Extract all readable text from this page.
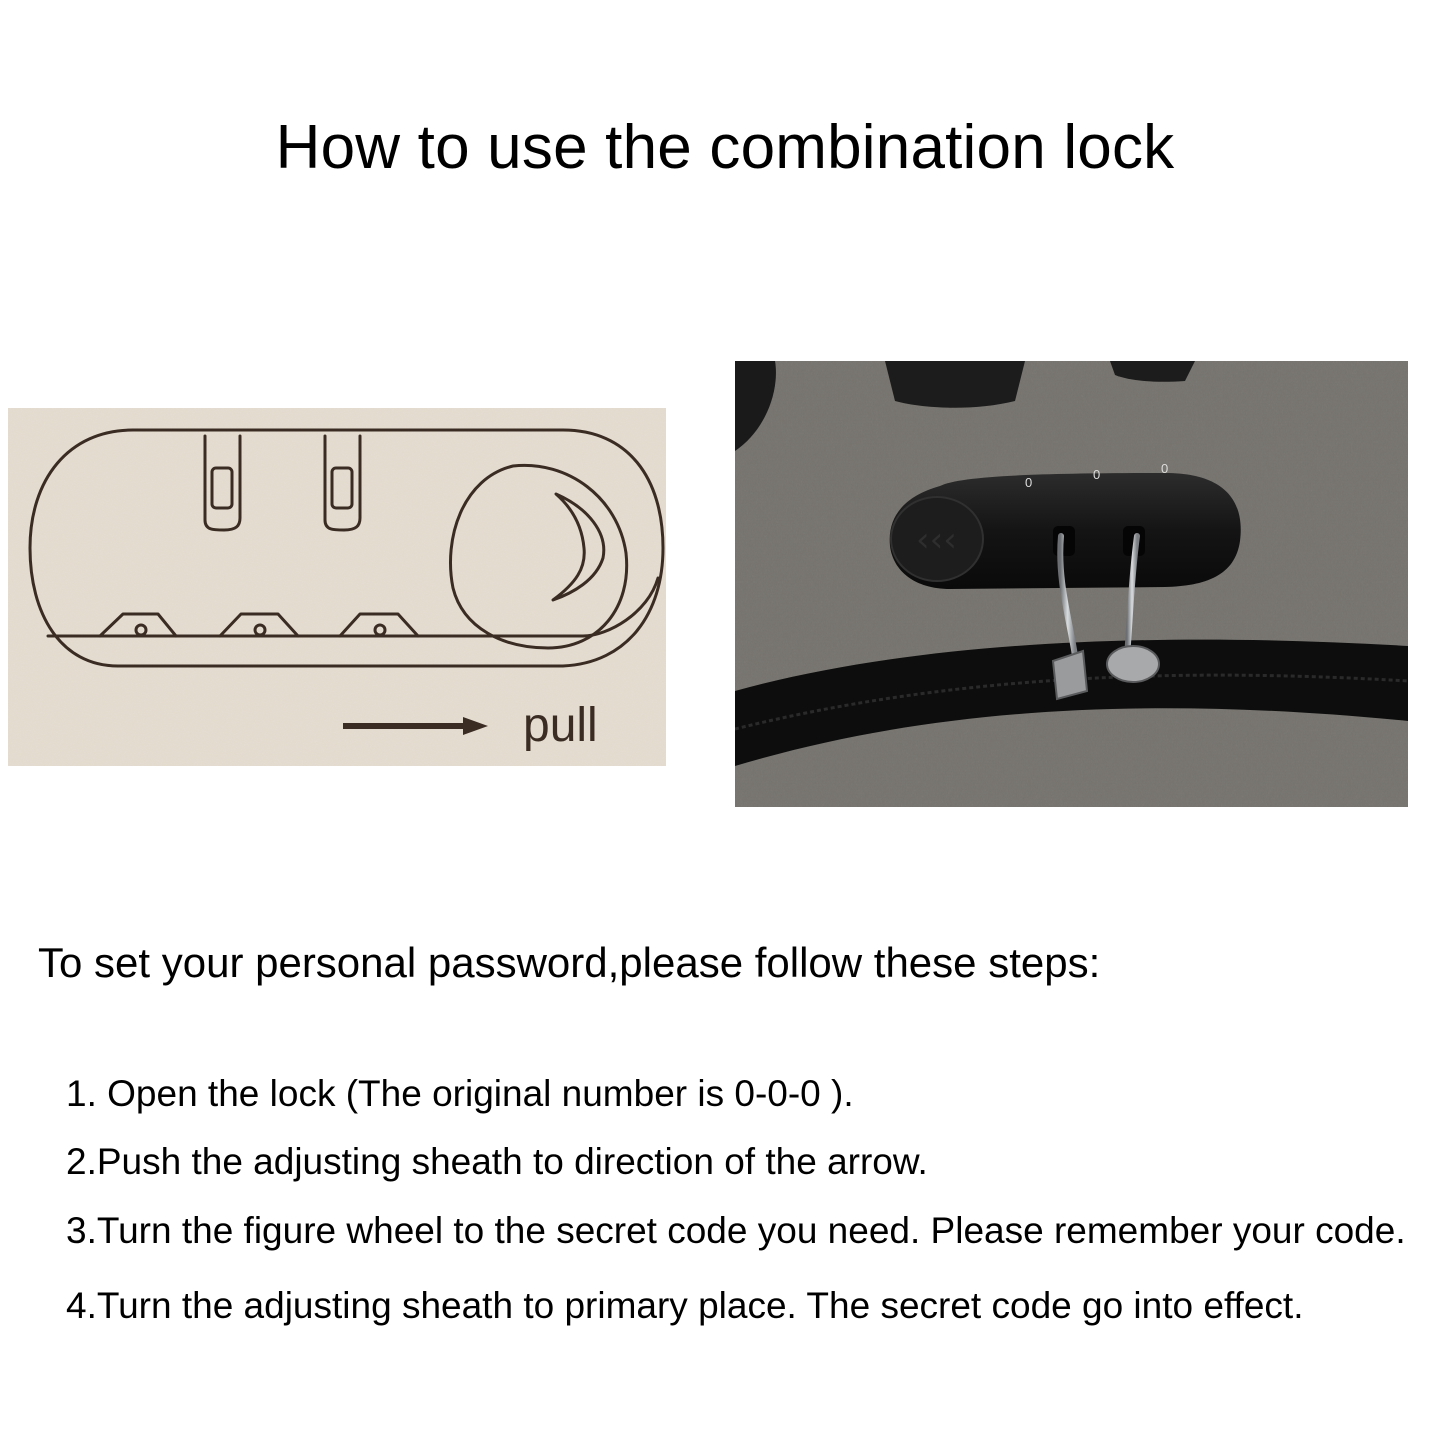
How to use the combination lock
pull
‹‹‹
0
0	0
To set your personal password,please follow these steps:
1. Open the lock (The original number is 0-0-0 ).
2.Push the adjusting sheath to direction of the arrow.
3.Turn the figure wheel to the secret code you need. Please remember your code.
4.Turn the adjusting sheath to primary place. The secret code go into effect.
